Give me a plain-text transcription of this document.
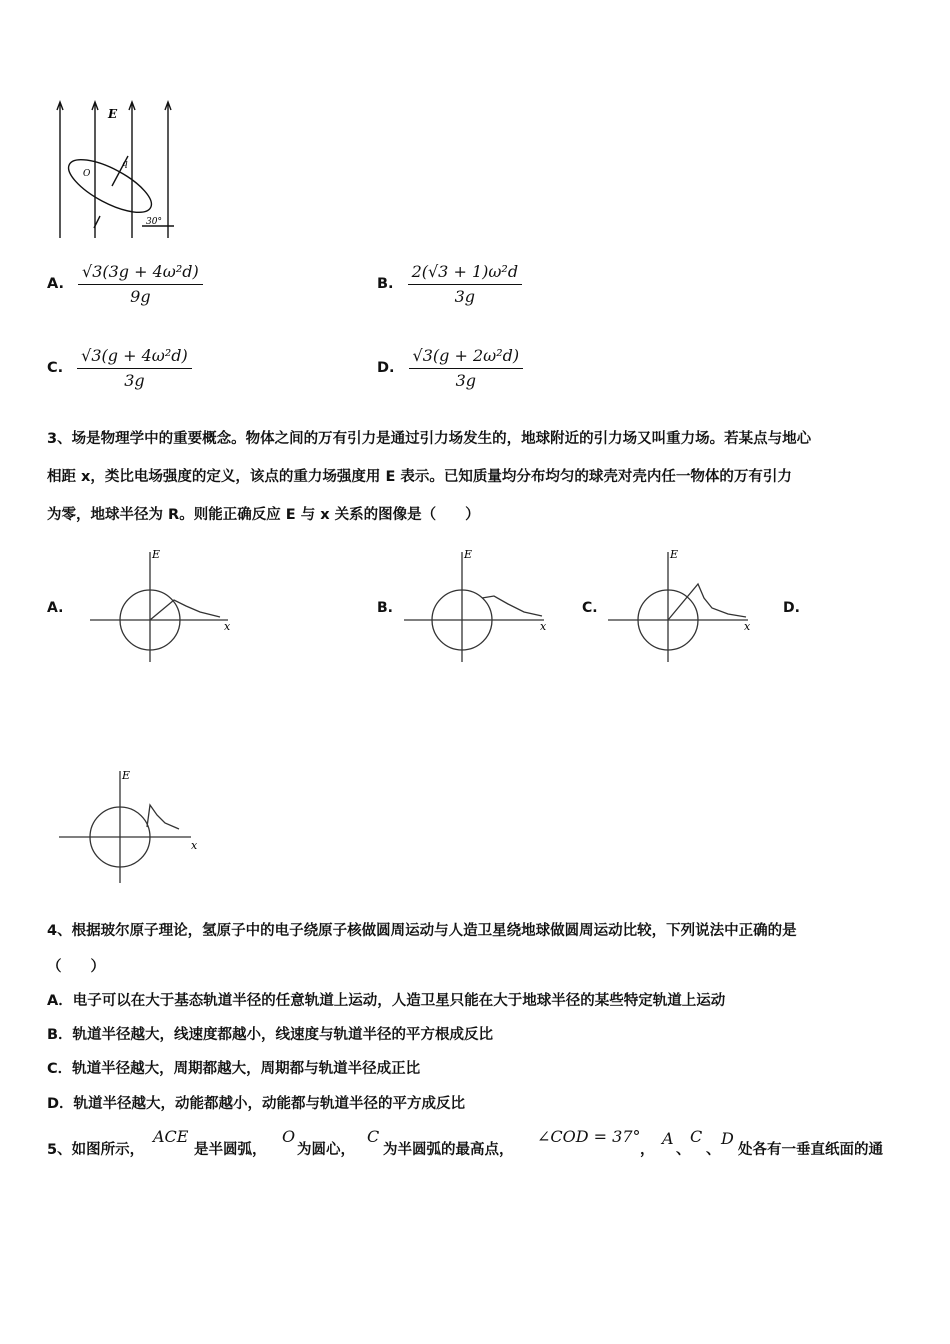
E
O
q
30°
A. $\frac{\text{√3(3g + 4ω²d)}}{9g}$	B. $\frac{\text{2(√3 + 1)ω²d}}{3g}$
C. $\frac{\text{√3(g + 4ω²d)}}{3g}$	D. $\frac{\text{√3(g + 2ω²d)}}{3g}$
3、场是物理学中的重要概念。物体之间的万有引力是通过引力场发生的，地球附近的引力场又叫重力场。若某点与地心
相距 x，类比电场强度的定义，该点的重力场强度用 E 表示。已知质量均分布均匀的球壳对壳内任一物体的万有引力
为零，地球半径为 R。则能正确反应 E 与 x 关系的图像是（　　）
A.
E
x
B.
E
x
C.
E
x
D.
E
x
4、根据玻尔原子理论，氢原子中的电子绕原子核做圆周运动与人造卫星绕地球做圆周运动比较，下列说法中正确的是
（　　）
A．电子可以在大于基态轨道半径的任意轨道上运动，人造卫星只能在大于地球半径的某些特定轨道上运动
B．轨道半径越大，线速度都越小，线速度与轨道半径的平方根成反比
C．轨道半径越大，周期都越大，周期都与轨道半径成正比
D．轨道半径越大，动能都越小，动能都与轨道半径的平方成反比
5、如图所示，
ACE
是半圆弧，
O
为圆心，
C
为半圆弧的最高点，
∠COD = 37°
，
A C
、 、
D
处各有一垂直纸面的通
